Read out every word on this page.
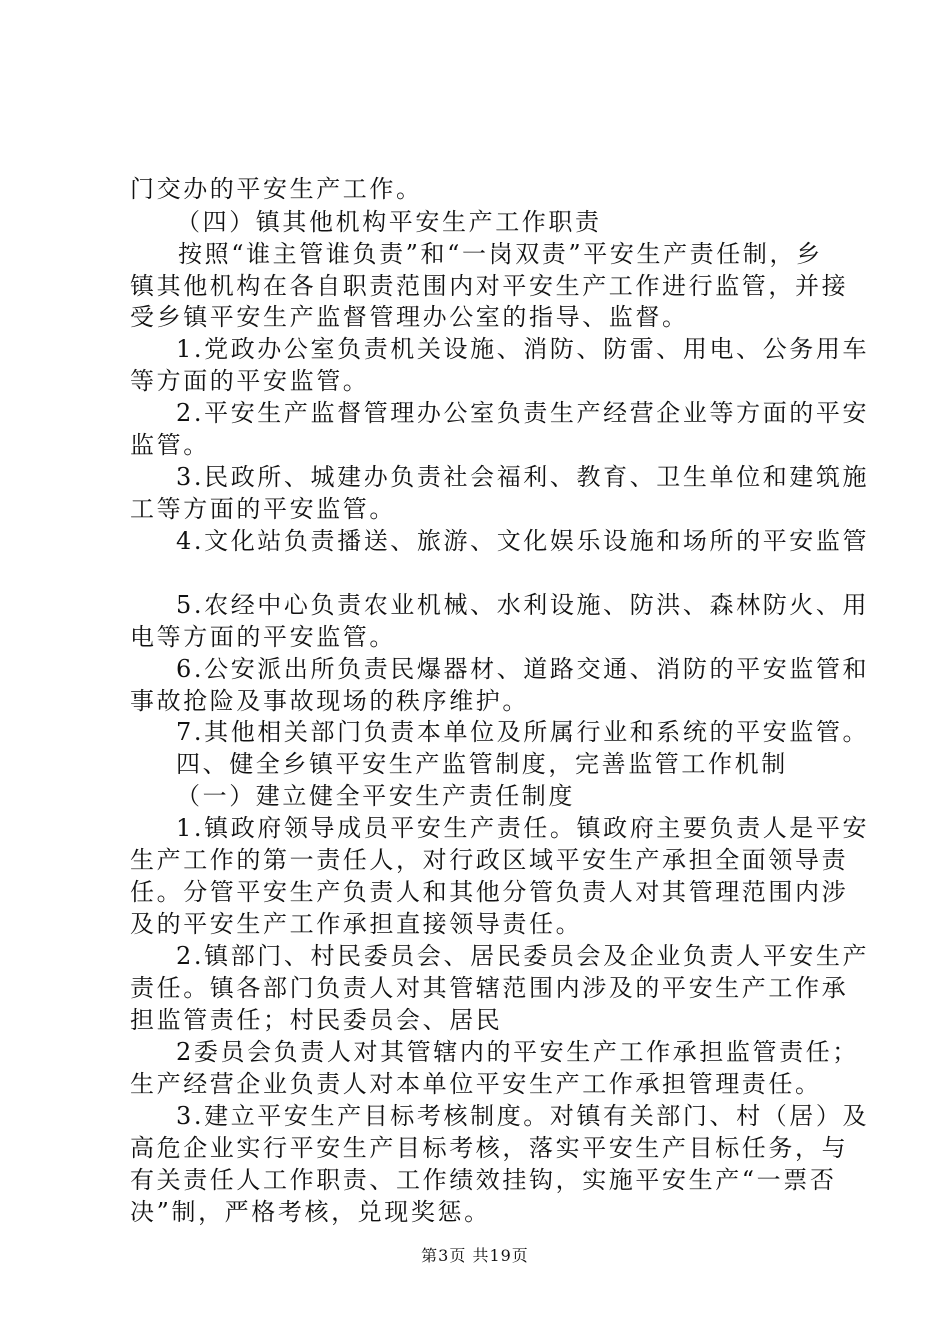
门交办的平安生产工作。
（四）镇其他机构平安生产工作职责
按照“谁主管谁负责”和“一岗双责”平安生产责任制，乡
镇其他机构在各自职责范围内对平安生产工作进行监管，并接
受乡镇平安生产监督管理办公室的指导、监督。
1.党政办公室负责机关设施、消防、防雷、用电、公务用车
等方面的平安监管。
2.平安生产监督管理办公室负责生产经营企业等方面的平安
监管。
3.民政所、城建办负责社会福利、教育、卫生单位和建筑施
工等方面的平安监管。
4.文化站负责播送、旅游、文化娱乐设施和场所的平安监管
5.农经中心负责农业机械、水利设施、防洪、森林防火、用
电等方面的平安监管。
6.公安派出所负责民爆器材、道路交通、消防的平安监管和
事故抢险及事故现场的秩序维护。
7.其他相关部门负责本单位及所属行业和系统的平安监管。
四、健全乡镇平安生产监管制度，完善监管工作机制
（一）建立健全平安生产责任制度
1.镇政府领导成员平安生产责任。镇政府主要负责人是平安
生产工作的第一责任人，对行政区域平安生产承担全面领导责
任。分管平安生产负责人和其他分管负责人对其管理范围内涉
及的平安生产工作承担直接领导责任。
2.镇部门、村民委员会、居民委员会及企业负责人平安生产
责任。镇各部门负责人对其管辖范围内涉及的平安生产工作承
担监管责任；村民委员会、居民
2委员会负责人对其管辖内的平安生产工作承担监管责任；
生产经营企业负责人对本单位平安生产工作承担管理责任。
3.建立平安生产目标考核制度。对镇有关部门、村（居）及
高危企业实行平安生产目标考核，落实平安生产目标任务，与
有关责任人工作职责、工作绩效挂钩，实施平安生产“一票否
决”制，严格考核，兑现奖惩。
第3页 共19页
